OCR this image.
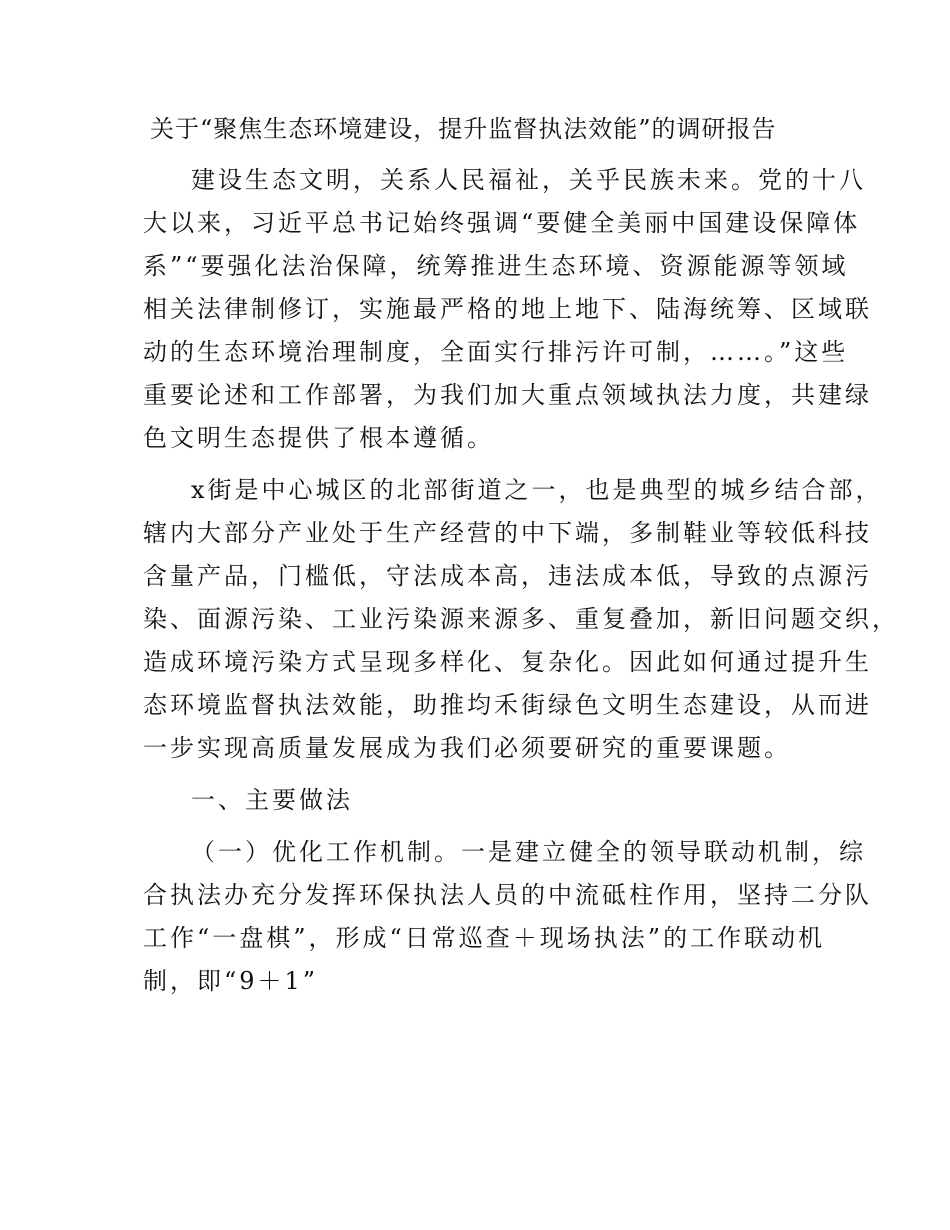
关于“聚焦生态环境建设，提升监督执法效能”的调研报告
建设生态文明，关系人民福祉，关乎民族未来。党的十八
大以来，习近平总书记始终强调“要健全美丽中国建设保障体
系”“要强化法治保障，统筹推进生态环境、资源能源等领域
相关法律制修订，实施最严格的地上地下、陆海统筹、区域联
动的生态环境治理制度，全面实行排污许可制，……。”这些
重要论述和工作部署，为我们加大重点领域执法力度，共建绿
色文明生态提供了根本遵循。
x街是中心城区的北部街道之一，也是典型的城乡结合部，
辖内大部分产业处于生产经营的中下端，多制鞋业等较低科技
含量产品，门槛低，守法成本高，违法成本低，导致的点源污
染、面源污染、工业污染源来源多、重复叠加，新旧问题交织，
造成环境污染方式呈现多样化、复杂化。因此如何通过提升生
态环境监督执法效能，助推均禾街绿色文明生态建设，从而进
一步实现高质量发展成为我们必须要研究的重要课题。
一、主要做法
（一）优化工作机制。一是建立健全的领导联动机制，综
合执法办充分发挥环保执法人员的中流砥柱作用，坚持二分队
工作“一盘棋”，形成“日常巡查＋现场执法”的工作联动机
制，即“9＋1”
